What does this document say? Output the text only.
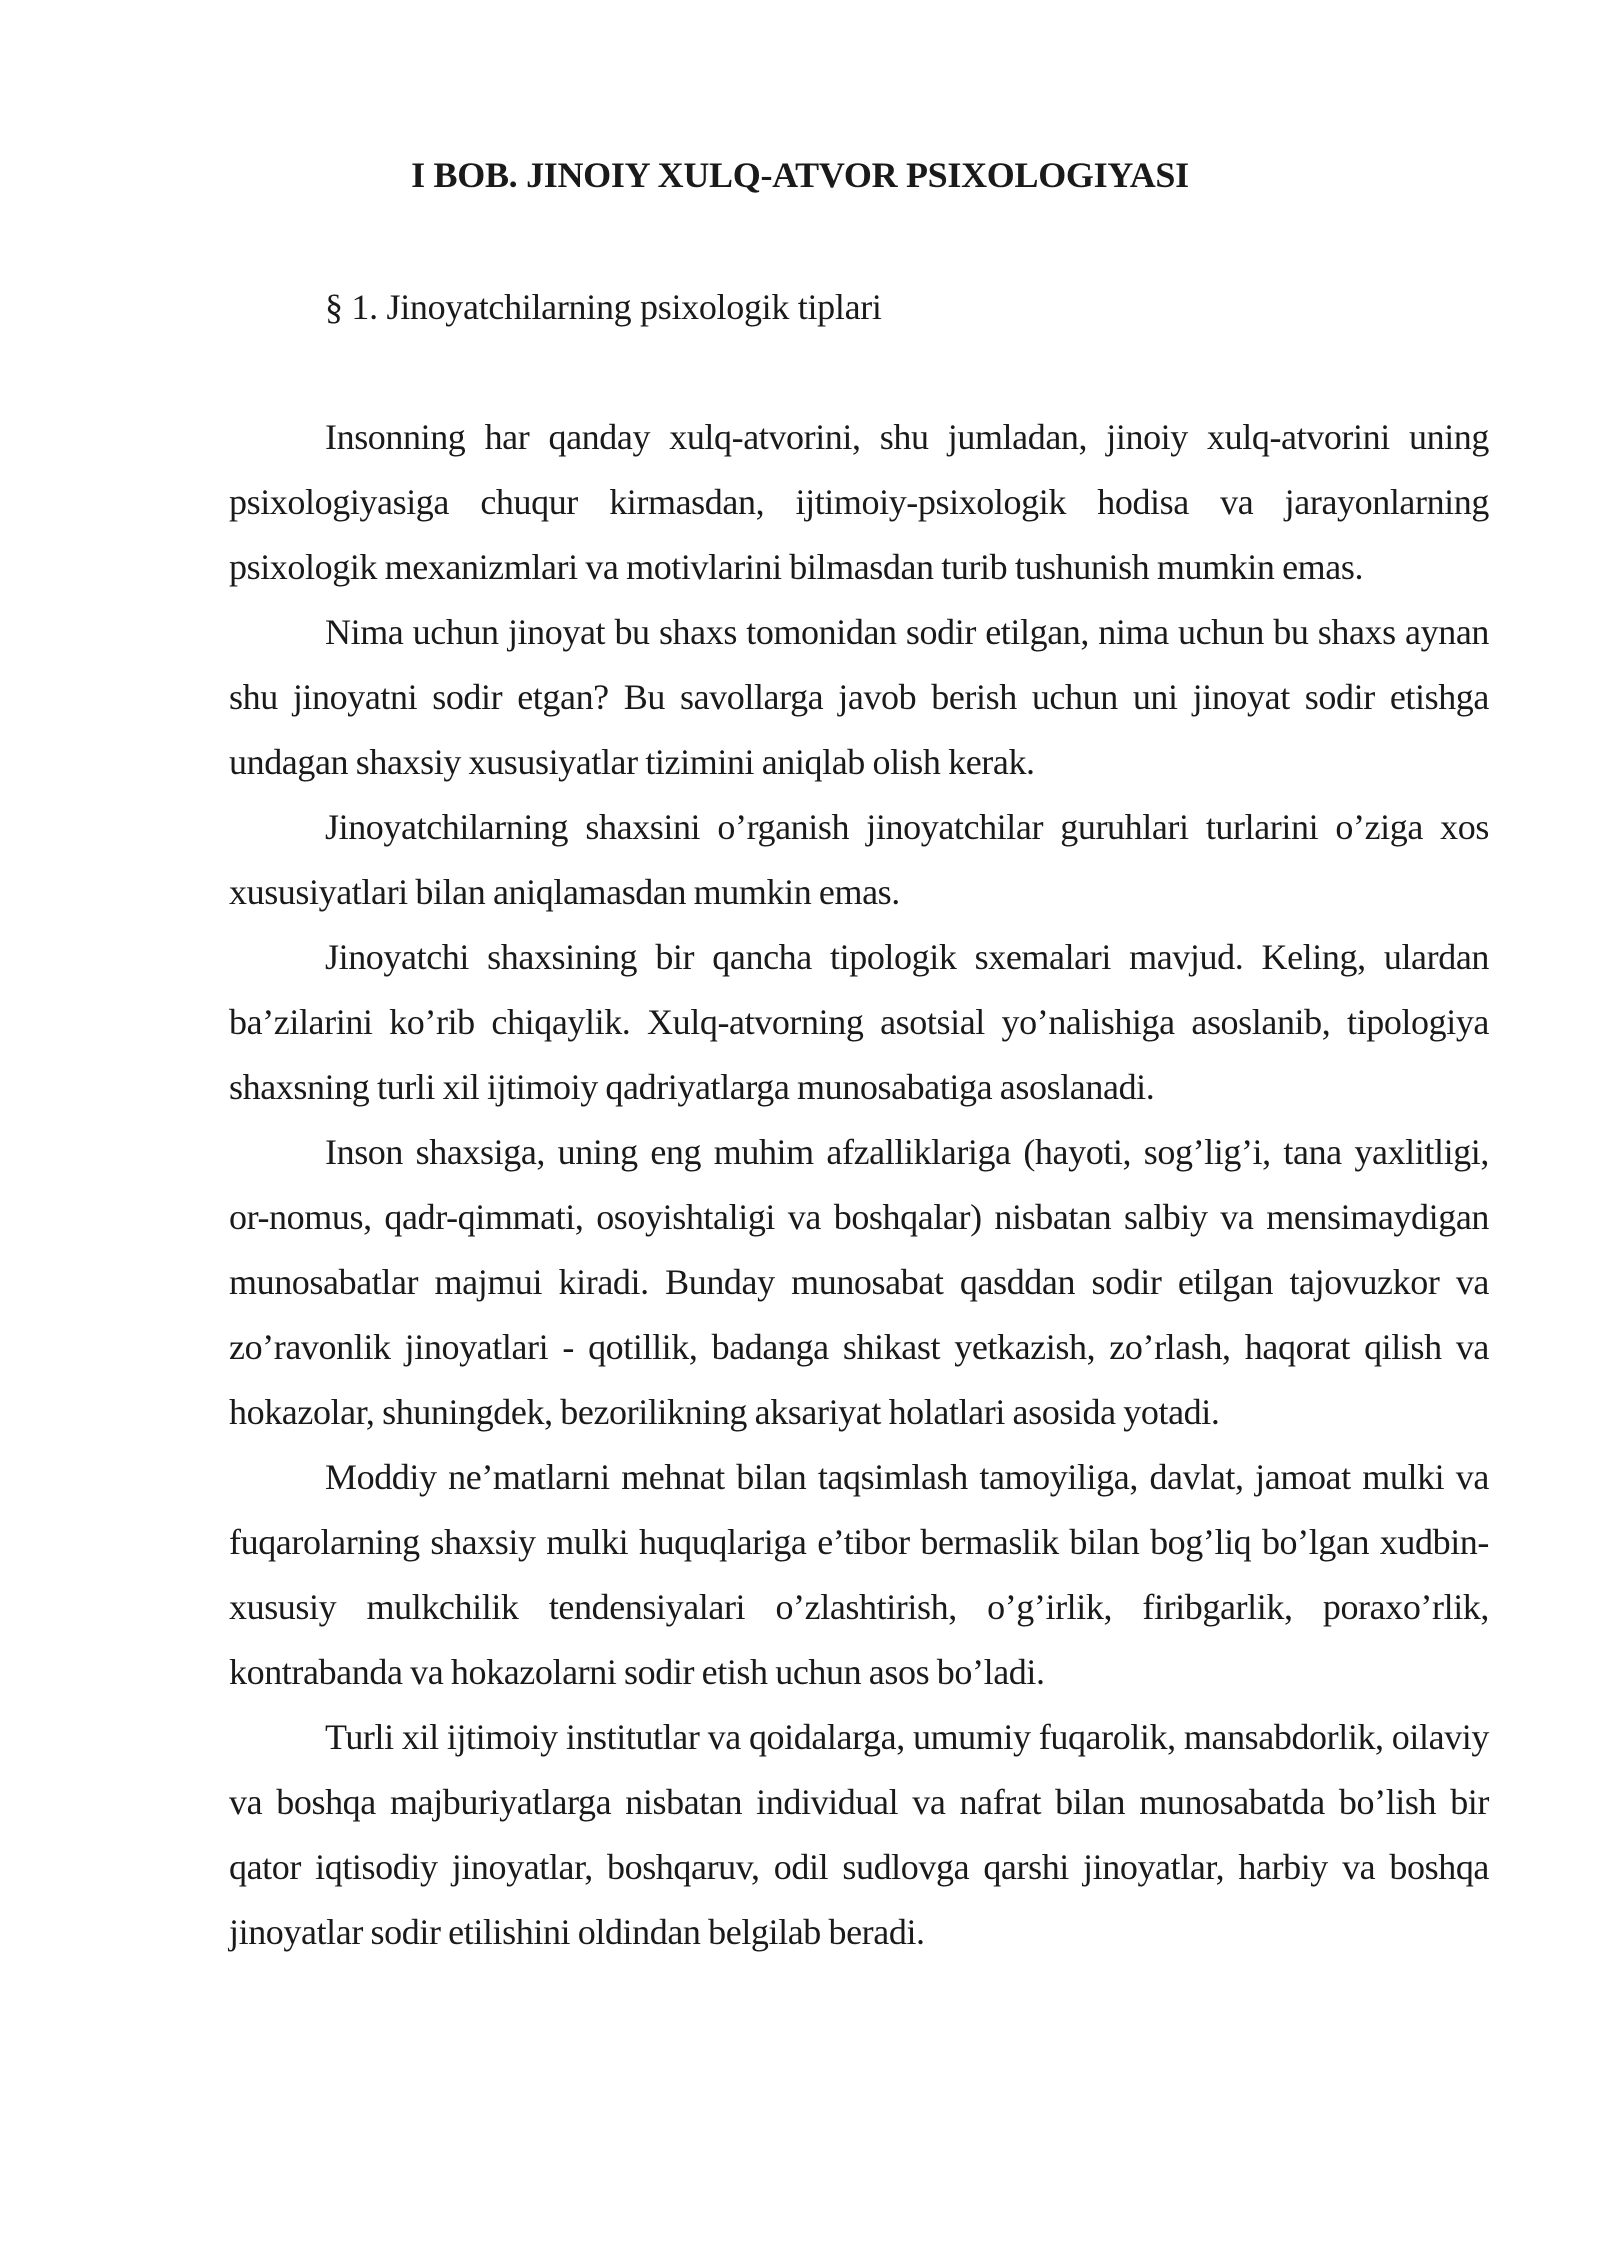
I BOB. JINOIY XULQ-ATVOR PSIXOLOGIYASI
§ 1. Jinoyatchilarning psixologik tiplari

Insonning har qanday xulq-atvorini, shu jumladan, jinoiy xulq-atvorini uning psixologiyasiga chuqur kirmasdan, ijtimoiy-psixologik hodisa va jarayonlarning psixologik mexanizmlari va motivlarini bilmasdan turib tushunish mumkin emas.

Nima uchun jinoyat bu shaxs tomonidan sodir etilgan, nima uchun bu shaxs aynan shu jinoyatni sodir etgan? Bu savollarga javob berish uchun uni jinoyat sodir etishga undagan shaxsiy xususiyatlar tizimini aniqlab olish kerak.

Jinoyatchilarning shaxsini o’rganish jinoyatchilar guruhlari turlarini o’ziga xos xususiyatlari bilan aniqlamasdan mumkin emas.

Jinoyatchi shaxsining bir qancha tipologik sxemalari mavjud. Keling, ulardan ba’zilarini ko’rib chiqaylik. Xulq-atvorning asotsial yo’nalishiga asoslanib, tipologiya shaxsning turli xil ijtimoiy qadriyatlarga munosabatiga asoslanadi.

Inson shaxsiga, uning eng muhim afzalliklariga (hayoti, sog’lig’i, tana yaxlitligi, or-nomus, qadr-qimmati, osoyishtaligi va boshqalar) nisbatan salbiy va mensimaydigan munosabatlar majmui kiradi. Bunday munosabat qasddan sodir etilgan tajovuzkor va zo’ravonlik jinoyatlari - qotillik, badanga shikast yetkazish, zo’rlash, haqorat qilish va hokazolar, shuningdek, bezorilikning aksariyat holatlari asosida yotadi.

Moddiy ne’matlarni mehnat bilan taqsimlash tamoyiliga, davlat, jamoat mulki va fuqarolarning shaxsiy mulki huquqlariga e’tibor bermaslik bilan bog’liq bo’lgan xudbin-xususiy mulkchilik tendensiyalari o’zlashtirish, o’g’irlik, firibgarlik, poraxo’rlik, kontrabanda va hokazolarni sodir etish uchun asos bo’ladi.

Turli xil ijtimoiy institutlar va qoidalarga, umumiy fuqarolik, mansabdorlik, oilaviy va boshqa majburiyatlarga nisbatan individual va nafrat bilan munosabatda bo’lish bir qator iqtisodiy jinoyatlar, boshqaruv, odil sudlovga qarshi jinoyatlar, harbiy va boshqa jinoyatlar sodir etilishini oldindan belgilab beradi.
